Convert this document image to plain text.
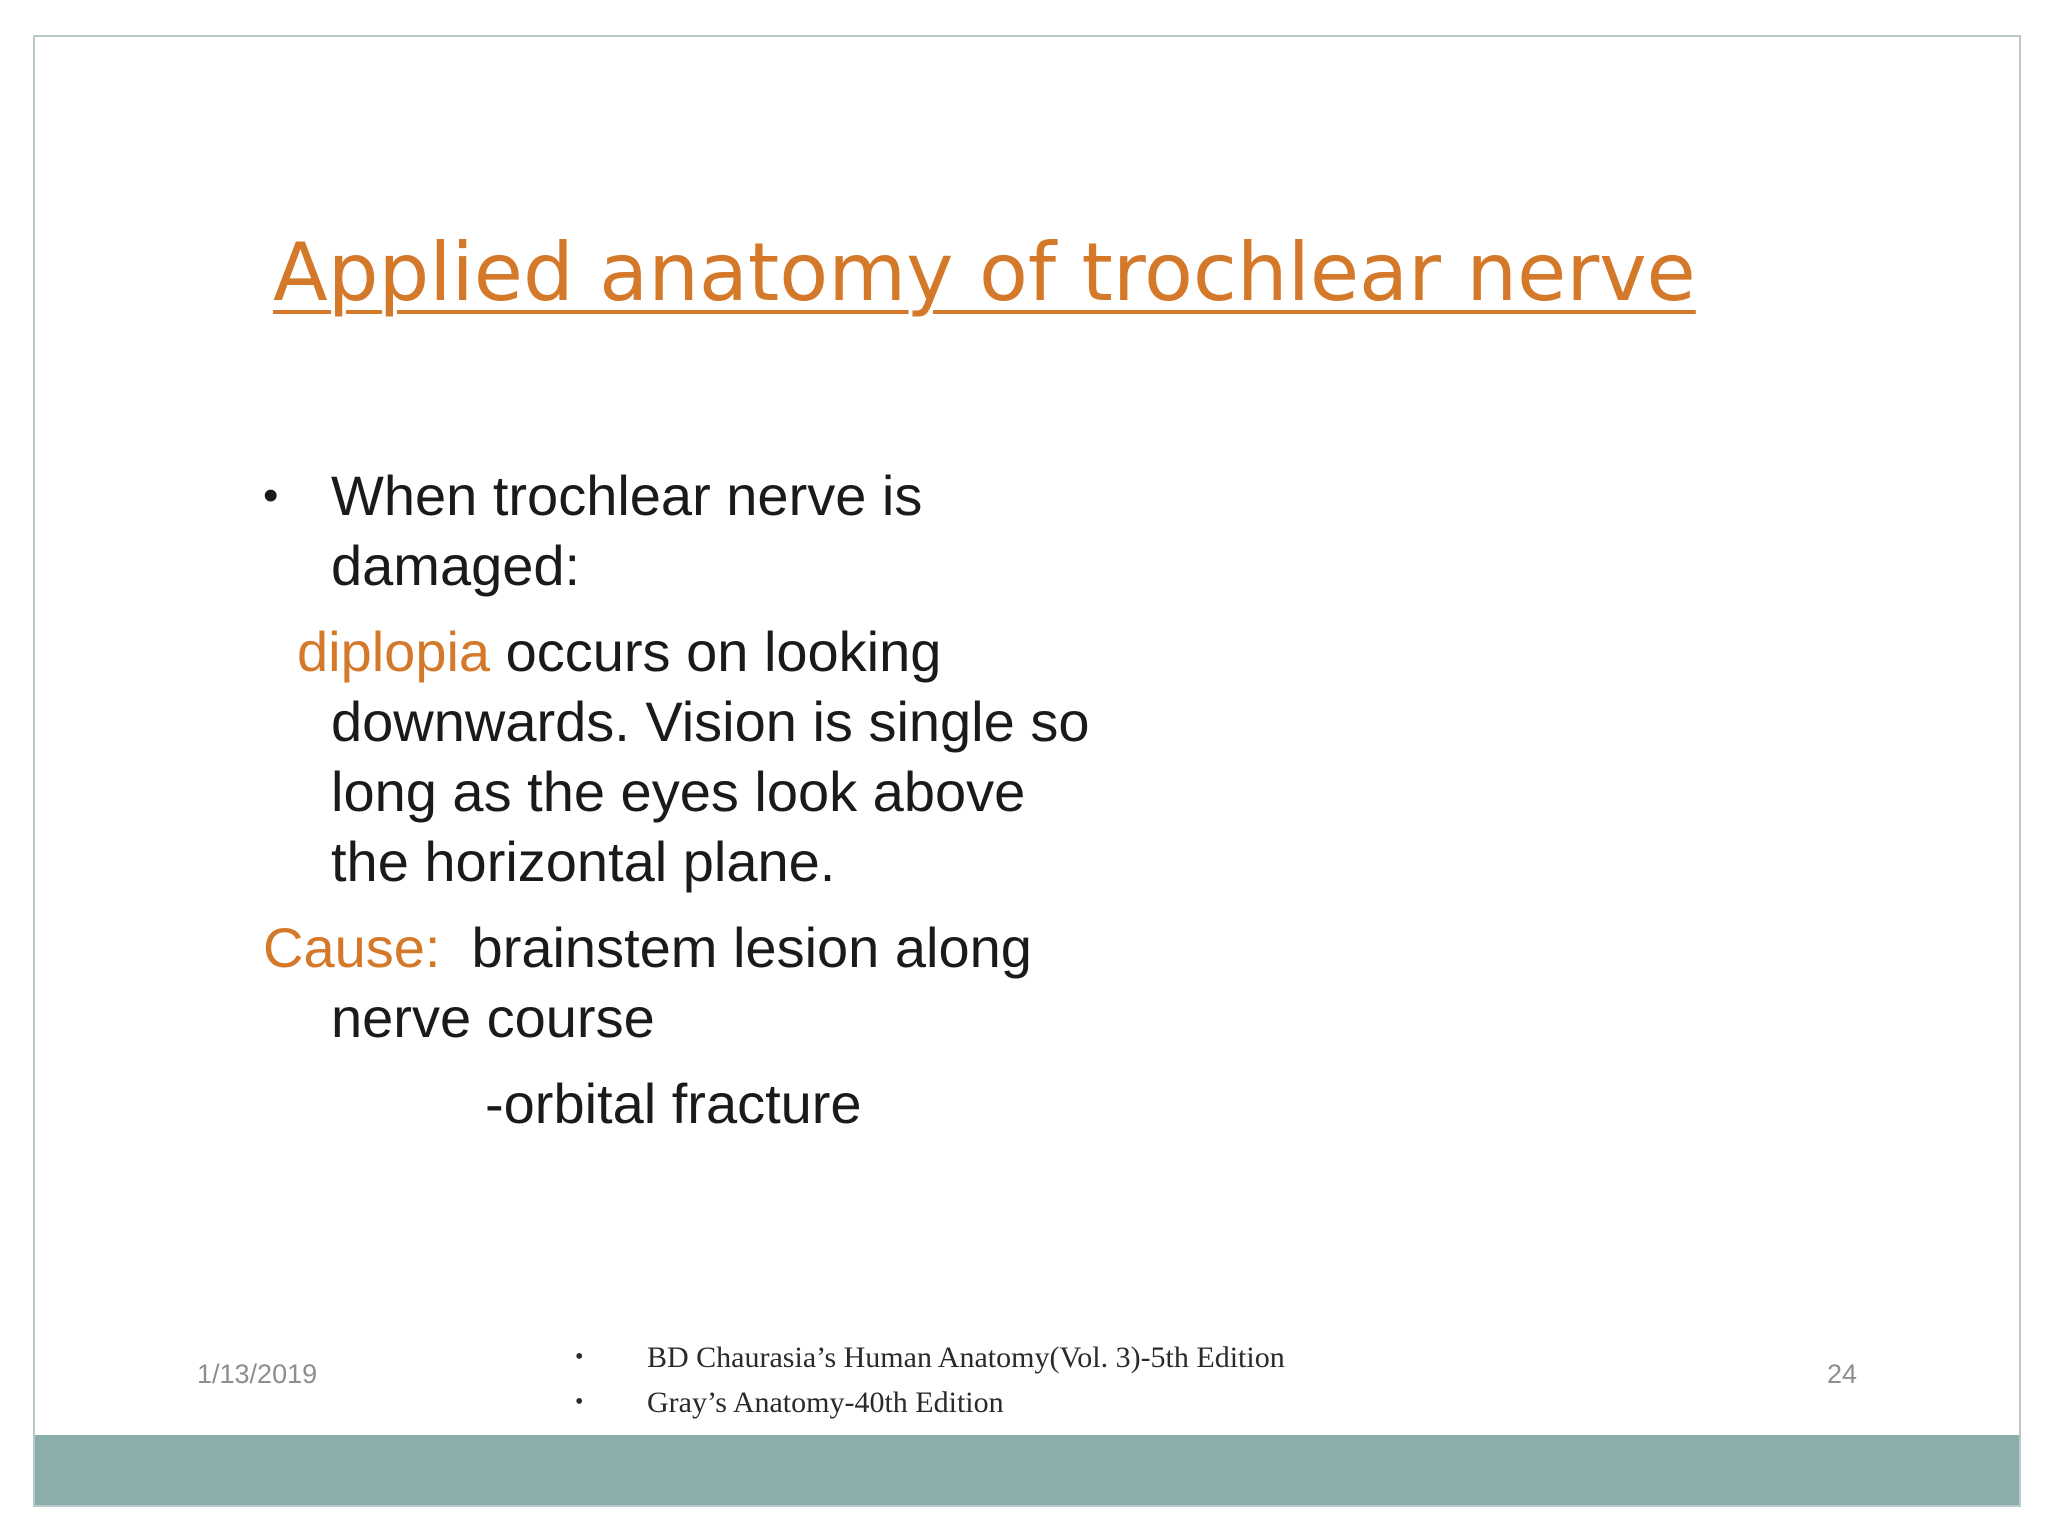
Applied anatomy of trochlear nerve
• When trochlear nerve is
damaged:
diplopia occurs on looking
downwards. Vision is single so
long as the eyes look above
the horizontal plane.
Cause:  brainstem lesion along
nerve course
-orbital fracture
1/13/2019
• BD Chaurasia’s Human Anatomy(Vol. 3)-5th Edition
• Gray’s Anatomy-40th Edition
24
